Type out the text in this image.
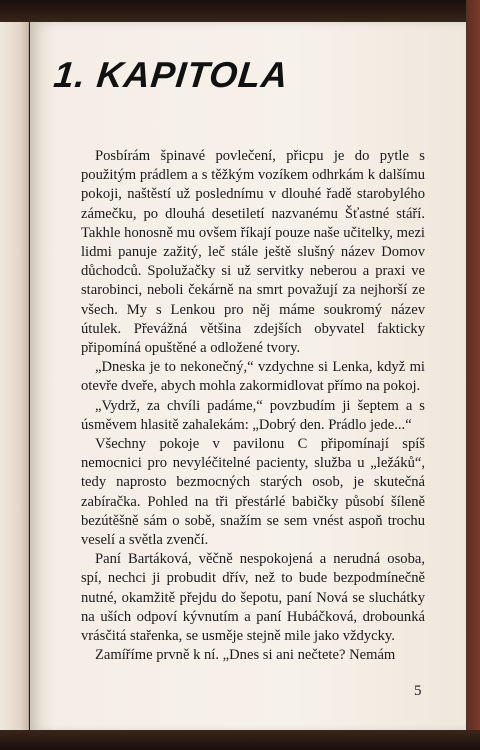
1. KAPITOLA

Posbírám špinavé povlečení, přicpu je do pytle s použitým prádlem a s těžkým vozíkem odhrkám k dalšímu pokoji, naštěstí už poslednímu v dlouhé řadě starobylého zámečku, po dlouhá desetiletí nazvanému Šťastné stáří. Takhle honosně mu ovšem říkají pouze naše učitelky, mezi lidmi panuje zažitý, leč stále ještě slušný název Domov důchodců. Spolužačky si už servitky neberou a praxi ve starobinci, neboli čekárně na smrt považují za nejhorší ze všech. My s Lenkou pro něj máme soukromý název útulek. Převážná většina zdejších obyvatel fakticky připomíná opuštěné a odložené tvory.

„Dneska je to nekonečný,“ vzdychne si Lenka, když mi otevře dveře, abych mohla zakormidlovat přímo na pokoj.

„Vydrž, za chvíli padáme,“ povzbudím ji šeptem a s úsměvem hlasitě zahalekám: „Dobrý den. Prádlo jede...“

Všechny pokoje v pavilonu C připomínají spíš nemocnici pro nevyléčitelné pacienty, služba u „ležáků“, tedy naprosto bezmocných starých osob, je skutečná zabíračka. Pohled na tři přestárlé babičky působí šíleně bezútěšně sám o sobě, snažím se sem vnést aspoň trochu veselí a světla zvenčí.

Paní Bartáková, věčně nespokojená a nerudná osoba, spí, nechci ji probudit dřív, než to bude bezpodmínečně nutné, okamžitě přejdu do šepotu, paní Nová se sluchátky na uších odpoví kývnutím a paní Hubáčková, drobounká vrásčitá stařenka, se usměje stejně mile jako vždycky.

Zamíříme prvně k ní. „Dnes si ani nečtete? Nemám

5
